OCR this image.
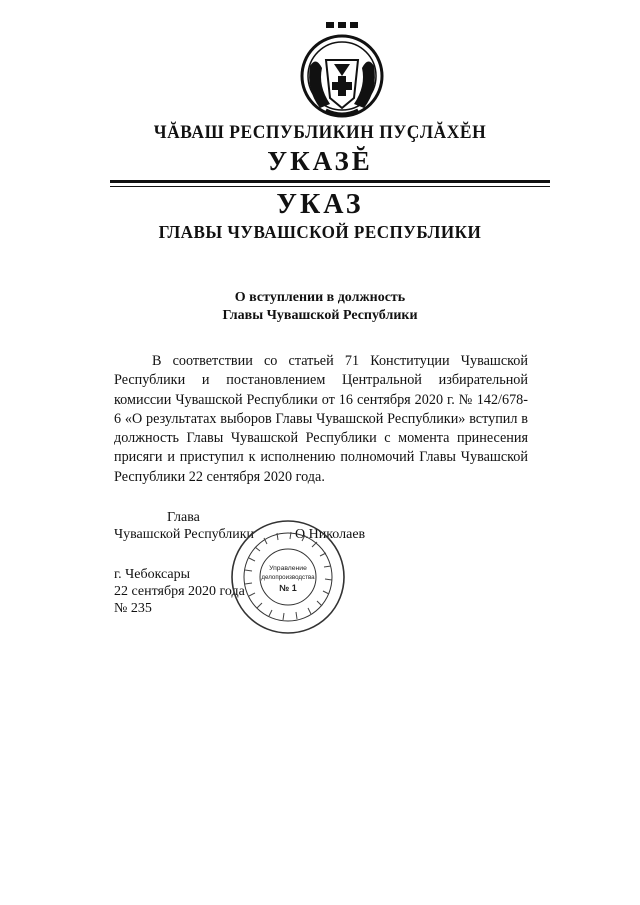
ЧĂВАШ РЕСПУБЛИКИН ПУҪЛĂХĔН
УКАЗĔ
УКАЗ
ГЛАВЫ ЧУВАШСКОЙ РЕСПУБЛИКИ
О вступлении в должность
Главы Чувашской Республики

В соответствии со статьей 71 Конституции Чувашской Республики и постановлением Центральной избирательной комиссии Чувашской Республики от 16 сентября 2020 г. № 142/678-6 «О результатах выборов Главы Чувашской Республики» вступил в должность Главы Чувашской Республики с момента принесения присяги и приступил к исполнению полномочий Главы Чувашской Республики 22 сентября 2020 года.

Глава
Чувашской Республики	О.Николаев
г. Чебоксары
22 сентября 2020 года
№ 235
Управление
делопроизводства
№ 1
